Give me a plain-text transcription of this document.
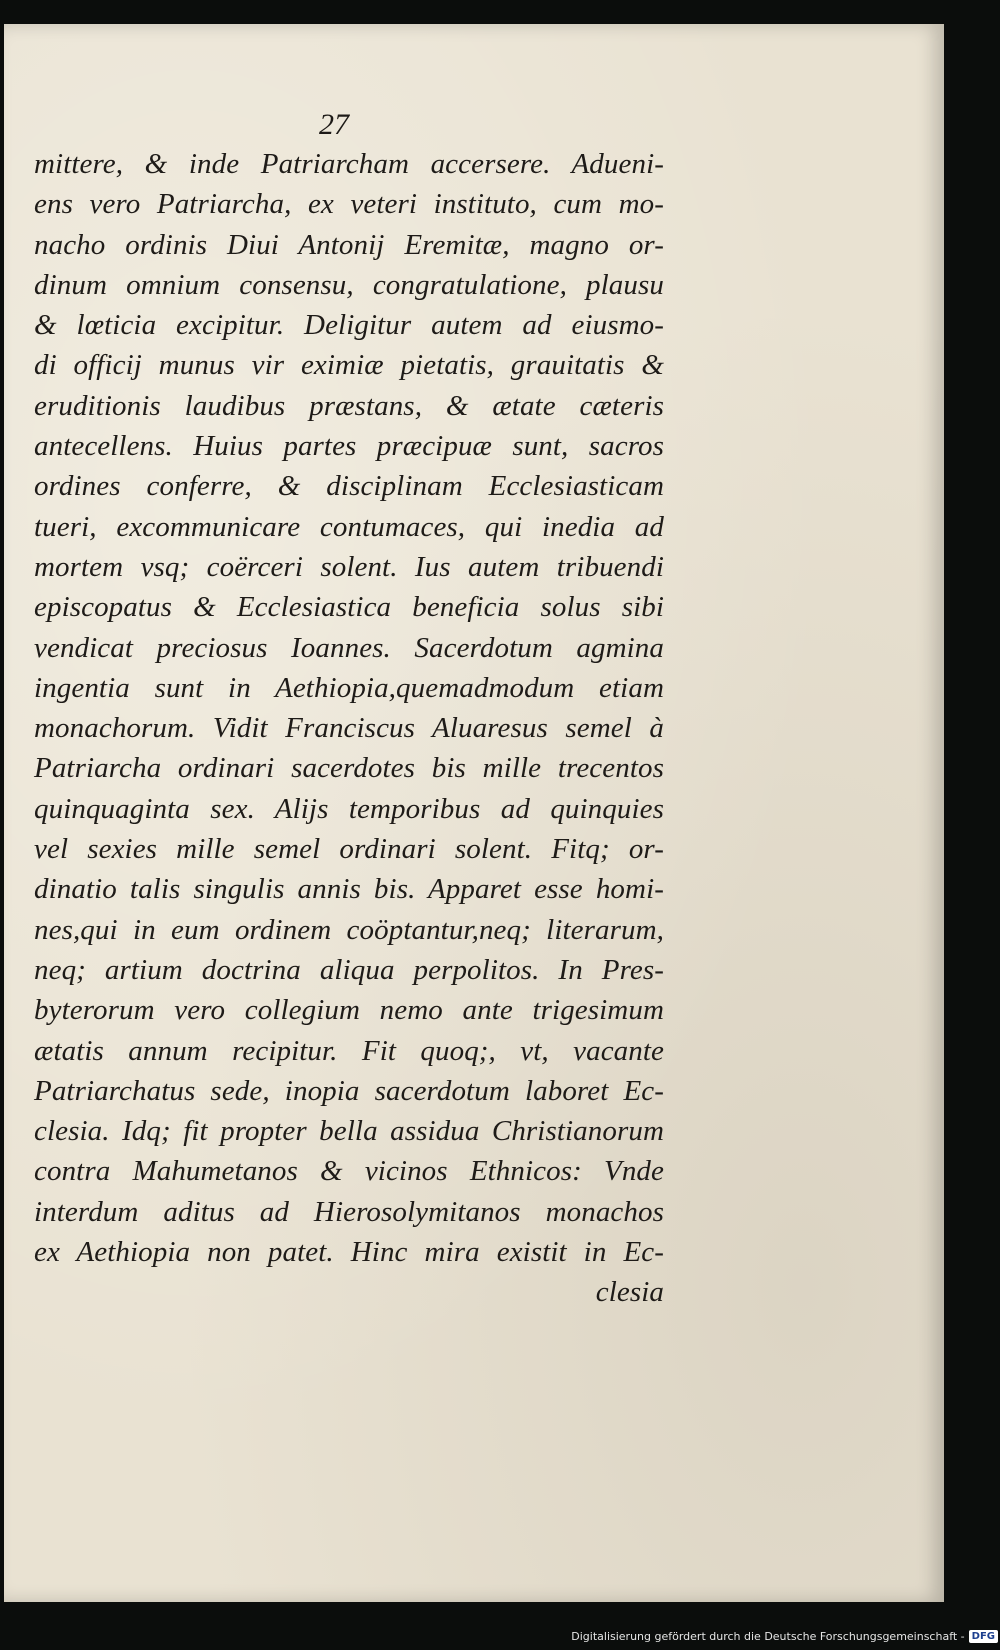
27
mittere, & inde Patriarcham accersere. Adueni-
ens vero Patriarcha, ex veteri instituto, cum mo-
nacho ordinis Diui Antonij Eremitæ, magno or-
dinum omnium consensu, congratulatione, plausu
& lœticia excipitur. Deligitur autem ad eiusmo-
di officij munus vir eximiæ pietatis, grauitatis &
eruditionis laudibus præstans, & ætate cæteris
antecellens. Huius partes præcipuæ sunt, sacros
ordines conferre, & disciplinam Ecclesiasticam
tueri, excommunicare contumaces, qui inedia ad
mortem vsq; coërceri solent. Ius autem tribuendi
episcopatus & Ecclesiastica beneficia solus sibi
vendicat preciosus Ioannes. Sacerdotum agmina
ingentia sunt in Aethiopia,quemadmodum etiam
monachorum. Vidit Franciscus Aluaresus semel à
Patriarcha ordinari sacerdotes bis mille trecentos
quinquaginta sex. Alijs temporibus ad quinquies
vel sexies mille semel ordinari solent. Fitq; or-
dinatio talis singulis annis bis. Apparet esse homi-
nes,qui in eum ordinem coöptantur,neq; literarum,
neq; artium doctrina aliqua perpolitos. In Pres-
byterorum vero collegium nemo ante trigesimum
ætatis annum recipitur. Fit quoq;, vt, vacante
Patriarchatus sede, inopia sacerdotum laboret Ec-
clesia. Idq; fit propter bella assidua Christianorum
contra Mahumetanos & vicinos Ethnicos: Vnde
interdum aditus ad Hierosolymitanos monachos
ex Aethiopia non patet. Hinc mira existit in Ec-
clesia
Digitalisierung gefördert durch die Deutsche Forschungsgemeinschaft - DFG
